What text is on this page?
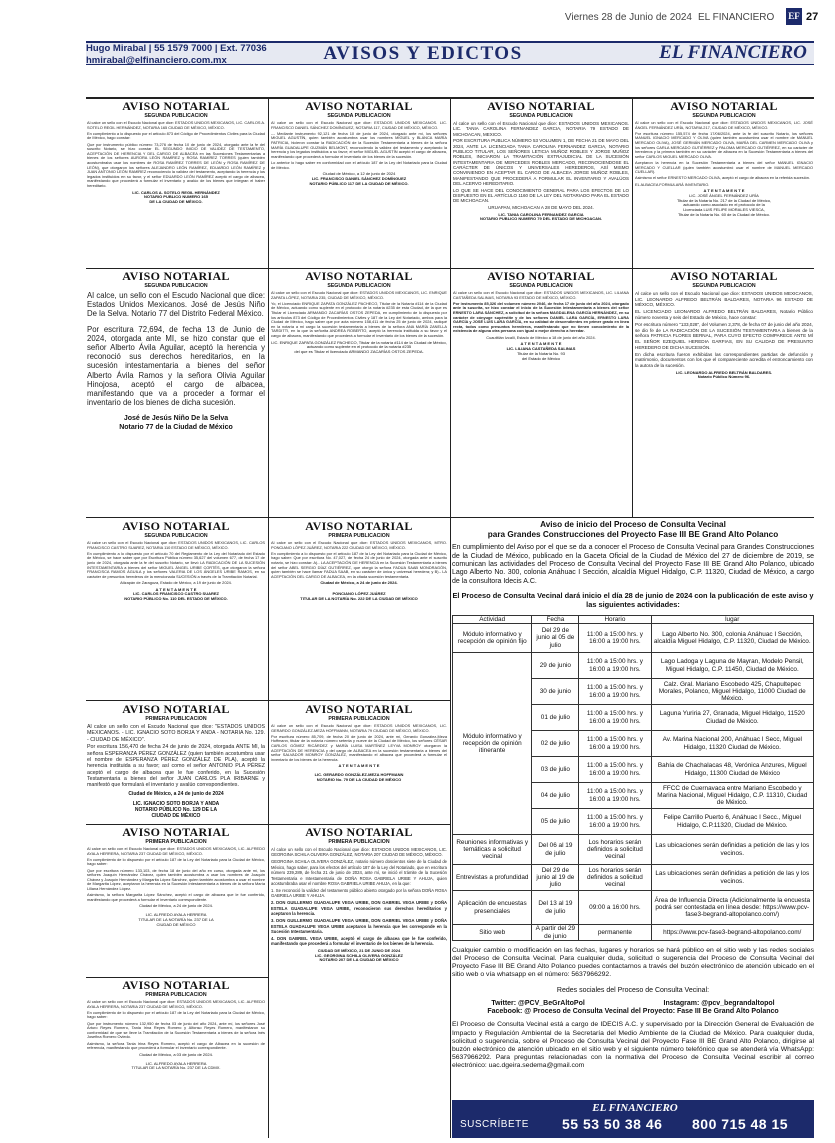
Viernes 28 de Junio de 2024 EL FINANCIERO	EF 27
Hugo Mirabal | 55 1579 7000 | Ext. 77036
hmirabal@elfinanciero.com.mx	AVISOS Y EDICTOS	EL FINANCIERO
AVISO NOTARIAL
SEGUNDA PUBLICACION

Al calce un sello con el Escudo Nacional que dice: ESTADOS UNIDOS MEXICANOS, LIC. CARLOS A. SOTELO REGIL HERNÁNDEZ, NOTARIA 165 CIUDAD DE MÉXICO, MÉXICO.

En cumplimiento a lo dispuesto por el artículo 873 del Código de Procedimientos Civiles para la Ciudad de México, hago constar:

Que por instrumento público número 73,276 de fecha 10 de junio de 2024, otorgado ante la fe del suscrito Notario, se hizo constar EL SEGUNDO INICIO DE VALIDEZ DE TESTAMENTO, ACEPTACIÓN DE HERENCIA Y DEL CARGO DE ALBACEA en las Sucesiones Testamentarias a bienes de los señores AURORA LEÓN RAMÍREZ y ROSA RAMÍREZ TORRES (quien también acostumbraba usar los nombres de ROSA RAMÍREZ TORRES DE LEÓN y ROSA RAMÍREZ DE LEÓN), que otorgaron los señores ALEJANDRO LEÓN RAMÍREZ, EDUARDO LEÓN RAMÍREZ y JUAN ANTONIO LEÓN RAMÍREZ reconociendo la validez del testamento, aceptando la herencia y los legados instituidos en su favor, y el señor EDUARDO LEÓN RAMÍREZ aceptó el cargo de albacea, manifestando que procederá a formular el inventario y avalúo de los bienes que integran el haber hereditario.

LIC. CARLOS A. SOTELO REGIL HERNÁNDEZ
NOTARIO PUBLICO NUMERO 165
DE LA CIUDAD DE MÉXICO.
AVISO NOTARIAL
SEGUNDA PUBLICACION

Al calce un sello con el Escudo Nacional que dice: ESTADOS UNIDOS MEXICANOS. LIC. FRANCISCO DANIEL SÁNCHEZ DOMÍNGUEZ, NOTARIA 117, CIUDAD DE MÉXICO, MÉXICO.

--- Mediante instrumento 92,121 de fecha 10 de junio de 2024, otorgado ante mí, los señores MIGUEL AGUSTÍN, quien también acostumbra usar los nombres MIGUEL y BLANCA MARÍA PATRICIA, hicieron constar la RADICACIÓN de la Sucesión Testamentaria a bienes de la señora MARÍA GUADALUPE GUZMÁN BELMONT, reconociendo la validez del testamento y aceptando la herencia y los legados instituidos a su favor; el señor MIGUEL AGUSTÍN aceptó el cargo de albacea, manifestando que procederá a formular el inventario de los bienes de la sucesión.

Lo anterior lo hago saber en conformidad con el artículo 187 de la Ley del Notariado para la Ciudad de México.

Ciudad de México, a 12 de junio de 2024
LIC. FRANCISCO DANIEL SÁNCHEZ DOMÍNGUEZ
NOTARIO PÚBLICO 117 DE LA CIUDAD DE MÉXICO.
AVISO NOTARIAL
SEGUNDA PUBLICACION

Al calce un sello con el Escudo Nacional que dice: ESTADOS UNIDOS MEXICANOS. LIC. TANIA CAROLINA FERNANDEZ GARCIA, NOTARIA 79 ESTADO DE MICHOACAN, MEXICO.

POR ESCRITURA PUBLICA NÚMERO 53 VOLUMEN 1, DE FECHA 21 DE MAYO DEL 2024, ANTE LA LICENCIADA TANIA CAROLINA FERNANDEZ GARCIA, NOTARIO PUBLICO TITULAR, LOS SEÑORES LETICIA MUÑOZ ROBLES Y JORGE MUÑOZ ROBLES, INICIARON LA TRAMITACIÓN EXTRAJUDICIAL DE LA SUCESIÓN INTESTAMENTARIA DE MERCEDES ROBLES MERCADO, RECONOCIENDOSE EL CARÁCTER DE ÚNICOS Y UNIVERSALES HEREDEROS, ASÍ MISMO CONVINIENDO EN ACEPTAR EL CARGO DE ALBACEA JORGE MUÑOZ ROBLES, MANIFESTANDO QUE PROCEDERÁ A FORMULAR EL INVENTARIO Y AVALÚOS DEL ACERVO HEREDITARIO.

LO QUE SE HACE DEL CONOCIMIENTO GENERAL PARA LOS EFECTOS DE LO DISPUESTO EN EL ARTÍCULO 1160 DE LA LEY DEL NOTARIADO PARA EL ESTADO DE MICHOACAN.

URUAPAN, MICHOACAN A 28 DE MAYO DEL 2024.

LIC. TANIA CAROLINA FERNANDEZ GARCIA
NOTARIO PUBLICO NUMERO 79 DEL ESTADO DE MICHOACAN.
AVISO NOTARIAL
SEGUNDA PUBLICACION

Al calce un sello con el Escudo Nacional que dice: ESTADOS UNIDOS MEXICANOS, LIC. JOSÉ ÁNGEL FERNÁNDEZ URÍA, NOTARIA 217, CIUDAD DE MÉXICO, MÉXICO.

Por escritura número 155,574 de fecha 17/06/2024, ante la fe del suscrito Notario, los señores MANUEL IGNACIO MERCADO Y OLIVA (quien también acostumbra usar el nombre de MANUEL MERCADO OLIVA), JOSÉ GERMÁN MERCADO OLIVA, MARÍA DEL CARMEN MERCADO OLIVA y los señores CARLA MERCADO GUTIÉRREZ y PALOMA MERCADO GUTIÉRREZ, en su carácter de herederos y la primera también en su carácter de albacea en la Sucesión Testamentaria a bienes del señor CARLOS MIGUEL MERCADO OLIVA.

Aceptaron la herencia en la Sucesión Testamentaria a bienes del señor MANUEL IGNACIO MERCADO Y CUELLAR (quien también acostumbró usar el nombre de MANUEL MERCADO CUELLAR).

Asimismo el señor ERNESTO MERCADO OLIVA, aceptó el cargo de albacea en la referida sucesión.

EL ALBACEA FORMULARÁ INVENTARIO.

A T E N T A M E N T E
LIC. JOSÉ ÁNGEL FERNÁNDEZ URÍA
Titular de la Notaría No. 217 de la Ciudad de México,
actuando como asociado en el protocolo de la
Licenciada LUIS FELIPE MORALES VIESCA,
Titular de la Notaría No. 60 de la Ciudad de México.
AVISO NOTARIAL
SEGUNDA PUBLICACION

Al calce, un sello con el Escudo Nacional que dice: Estados Unidos Mexicanos. José de Jesús Niño De la Selva. Notario 77 del Distrito Federal México.

Por escritura 72,694, de fecha 13 de Junio de 2024, otorgada ante MI, se hizo constar que el señor Alberto Ávila Aguilar, aceptó la herencia y reconoció sus derechos hereditarios, en la sucesión intestamentaria a bienes del señor Alberto Ávila Ramos y la señora Olivia Aguilar Hinojosa, aceptó el cargo de albacea, manifestando que va a proceder a formar el inventario de los bienes de dicha sucesión.

José de Jesús Niño De la Selva
Notario 77 de la Ciudad de México
AVISO NOTARIAL
SEGUNDA PUBLICACION

Al calce un sello con el Escudo Nacional que dice: ESTADOS UNIDOS MEXICANOS, LIC. ENRIQUE ZAPATA LÓPEZ, NOTARIA 235, CIUDAD DE MÉXICO, MÉXICO.

Yo, el Licenciado ENRIQUE ZAPATA GONZÁLEZ PACHECO, Titular de la Notaría #114 de la Ciudad de México, actuando como suplente en el protocolo de la notaría #235 de esta Ciudad, de la que es Titular el Licenciado ARMANDO ZACARÍAS OSTOS ZEPEDA, en cumplimiento de lo dispuesto por los artículos 873 del Código de Procedimientos Civiles y 187 de la Ley del Notariado, ambos para la Ciudad de México, hago saber que por acta número 158,411 de fecha 25 de junio de 2024, radiqué en la notaría a mi cargo la sucesión testamentaria a bienes de la señora ANA MARÍA ZANELLA TARDITTI, en la que la señorita ANDREA ROBERTO, aceptó la herencia instituida a su favor y el cargo de albacea, manifestando que procederá a formular el inventario de los bienes de la sucesión.

LIC. ENRIQUE ZAPATA GONZÁLEZ PACHECO, Titular de la notaría #114 de la Ciudad de México, actuando como suplente en el protocolo de la notaría #235
del que es Titular el licenciado ARMANDO ZACARÍAS OSTOS ZEPEDA.
AVISO NOTARIAL
SEGUNDA PUBLICACION

Al calce un sello con el Escudo Nacional que dice: ESTADOS UNIDOS MEXICANOS, LIC. LILIANA CASTAÑEDA SALINAS, NOTARIA 93 ESTADO DE MÉXICO, MÉXICO.

Por instrumento 85,326 del volumen número 2046, de fecha 17 de junio del año 2024, otorgado ante la suscrita, se hizo constar el inicio de la Sucesión Intestamentaria a bienes del señor ERNESTO LARA SÁNCHEZ, a solicitud de la señora MAGDALENA GARCÍA HERNÁNDEZ, en su carácter de cónyuge supérstite y de los señores DANIEL LARA GARCÍA, ERNESTO LARA GARCÍA y JOSÉ LUIS LARA GARCÍA, en su calidad de descendientes en primer grado en línea recta, todos como presuntos herederos, manifestando que no tienen conocimiento de la existencia de alguna otra persona con igual o mejor derecho a heredar.

Cuautitlán Izcalli, Estado de México a 18 de junio del año 2024.

A T E N T A M E N T E
LIC. LILIANA CASTAÑEDA SALINAS
Titular de la Notaría No. 93
del Estado de México
AVISO NOTARIAL
SEGUNDA PUBLICACION

Al calce un sello con el Escudo Nacional que dice: ESTADOS UNIDOS MEXICANOS, LIC. LEONARDO ALFREDO BELTRÁN BALDARES, NOTARIA 96 ESTADO DE MÉXICO, MÉXICO.

EL LICENCIADO LEONARDO ALFREDO BELTRÁN BALDARES, Notario Público número noventa y seis del Estado de México, hace constar:

Por escritura número "133,028", del Volumen 2,378, de fecha 07 de junio del año 2024, se dio fe de LA RADICACIÓN DE LA SUCESIÓN TESTAMENTARIA a bienes de la señora PATRICIA FLORES BERNAL, PARA CUYO EFECTO COMPARECE ANTE MÍ EL SEÑOR EZEQUIEL HEREDIA GARFIAS, EN SU CALIDAD DE PRESUNTO HEREDERO DE DICHA SUCESIÓN.

En dicha escritura fueron exhibidas las correspondientes partidas de defunción y matrimonio, documentos con los que el compareciente acredita el entroncamiento con la autora de la sucesión.

LIC. LEONARDO ALFREDO BELTRÁN BALDARES.
Notario Público Número 96.
AVISO NOTARIAL
SEGUNDA PUBLICACION

Al calce un sello con el Escudo Nacional que dice: ESTADOS UNIDOS MEXICANOS, LIC. CARLOS FRANCISCO CASTRO SUAREZ, NOTARIA 110 ESTADO DE MÉXICO, MÉXICO.

En cumplimiento a lo dispuesto por el artículo 70 del Reglamento de la Ley del Notariado del Estado de México, se hace saber que por Escritura Pública número 35,627 del volumen 677, de fecha 17 de junio de 2024, otorgada ante la fe del suscrito Notario, se llevó LA RADICACIÓN DE LA SUCESIÓN INTESTAMENTARIA a bienes del señor MIGUEL ÁNGEL URIBE CORTÉS, que otorgaron la señora FRANCISCA RAMOS ÁGUILA y los señores VALERIA DE LOS ÁNGELES URIBE RAMOS, en su carácter de presuntos herederos de la mencionada SUCESIÓN a través de la Tramitación Notarial.

Atizapán de Zaragoza, Estado de México, a 19 de junio de 2024.

A T E N T A M E N T E
LIC. CARLOS FRANCISCO CASTRO SUAREZ
NOTARIO PÚBLICO No. 110 DEL ESTADO DE MÉXICO.
AVISO NOTARIAL
PRIMERA PUBLICACION

Al calce un sello con el Escudo Nacional que dice: ESTADOS UNIDOS MEXICANOS, MTRO. PONCIANO LÓPEZ JUÁREZ, NOTARIA 222 CIUDAD DE MÉXICO, MÉXICO.

En cumplimiento a lo dispuesto por el artículo 187 de la Ley del Notariado para la Ciudad de México, hago saber: Que por escritura No. 47,027, de fecha 24 de junio de 2024, otorgada ante el suscrito notario, se hizo constar: A).- LA ACEPTACIÓN DE HERENCIA en la Sucesión Testamentaria a bienes del señor ABEL SERGIO DÍAZ GUTIÉRREZ, que otorgó la señora FADUA SAAB MONDRAGÓN, quien también se hace llamar FADUA SAAB, en su carácter de única y universal heredera; y B).- LA ACEPTACIÓN DEL CARGO DE ALBACEA, en la citada sucesión testamentaria.

Ciudad de México, a 24 de junio de 2024.
PONCIANO LÓPEZ JUÁREZ
TITULAR DE LA NOTARÍA No. 222 DE LA CIUDAD DE MÉXICO
AVISO NOTARIAL
PRIMERA PUBLICACION

Al calce un sello con el Escudo Nacional que dice: "ESTADOS UNIDOS MEXICANOS. - LIC. IGNACIO SOTO BORJA Y ANDA - NOTARIA No. 129. - CIUDAD DE MÉXICO".

Por escritura 156,470 de fecha 24 de junio de 2024, otorgada ANTE MI, la señora ESPERANZA PÉREZ GONZÁLEZ (quien también acostumbra usar el nombre de ESPERANZA PÉREZ GONZÁLEZ DE PLA), aceptó la herencia instituida a su favor; así como el señor ANTONIO PLA PÉREZ aceptó el cargo de albacea que le fue conferido, en la Sucesión Testamentaria a bienes del señor JUAN CARLOS PLA IRIBARNE y manifestó que formulará el inventario y avalúo correspondientes.

Ciudad de México, a 24 de junio de 2024
LIC. IGNACIO SOTO BORJA Y ANDA
NOTARIO PÚBLICO No. 129 DE LA
CIUDAD DE MÉXICO
AVISO NOTARIAL
PRIMERA PUBLICACION

Al calce un sello con el Escudo Nacional que dice: ESTADOS UNIDOS MEXICANOS, LIC. GERARDO GONZÁLEZ-MEZA HOFFMANN, NOTARIA 79 CIUDAD DE MÉXICO, MÉXICO.

Por escritura número 85,709, de fecha 20 de junio de 2024, ante mí, Gerardo González-Meza Hoffmann, titular de la notaría número setenta y nueve de la Ciudad de México, los señores CÉSAR CARLOS GÓMEZ RICÁRDEZ y MARÍA LUISA MARTÍNEZ LEYVA MONROY otorgaron la ACEPTACIÓN DE HERENCIA y del cargo de ALBACEA en la sucesión testamentaria a bienes del señor SALVADOR MONROY GONZÁLEZ, manifestando el albacea que procederá a formular el inventario de los bienes de la herencia.

A T E N T A M E N T E
LIC. GERARDO GONZÁLEZ-MEZA HOFFMANN
NOTARIO No. 79 DE LA CIUDAD DE MÉXICO
AVISO NOTARIAL
PRIMERA PUBLICACION

Al calce un sello con el Escudo Nacional que dice: ESTADOS UNIDOS MEXICANOS, LIC. ALFREDO AYALA HERRERA, NOTARIA 237 CIUDAD DE MÉXICO, MÉXICO.

En cumplimiento de lo dispuesto por el artículo 187 de la Ley del Notariado para la Ciudad de México, hago saber:

Que por escritura número 133,103, de fecha 18 de junio del año en curso, otorgada ante mí, los señores Joaquín Hernández Chávez, quien también acostumbra a usar los nombres de Joaquín Chávez y Joaquín Hernández y Margarita López Sánchez, quien también acostumbra a usar el nombre de Margarita López, aceptaron la herencia en la Sucesión Intestamentaria a bienes de la señora María Liliana Hernández López.

Asimismo, la señora Margarita López Sánchez, aceptó el cargo de albacea que le fue conferido, manifestando que procederá a formular el inventario correspondiente.

Ciudad de México, a 24 de junio de 2024.
LIC. ALFREDO AYALA HERRERA
TITULAR DE LA NOTARÍA No. 237 DE LA
CIUDAD DE MÉXICO
AVISO NOTARIAL
PRIMERA PUBLICACION

Al calce un sello con el Escudo Nacional que dice: ESTADOS UNIDOS MEXICANOS, LIC. GEORGINA SCHILA OLIVERA GONZÁLEZ, NOTARIA 207 CIUDAD DE MÉXICO, MÉXICO.

GEORGINA SCHILA OLIVERA GONZÁLEZ, notario número doscientos siete de la Ciudad de México, hago saber, para los efectos del artículo 187 de la Ley del Notariado, que en escritura número 239,289, de fecha 21 de junio de 2024, ante mí, se inició el trámite de la Sucesión Testamentaria e Intestamentaria de DOÑA ROSA GABRIELA URIBE Y AHUJA, quien acostumbraba usar el nombre ROSA GABRIELA URIBE AHUJA, en la que:

1. Se reconoció la validez del testamento público abierto otorgado por la señora DOÑA ROSA GABRIELA URIBE Y AHUJA.

2. DON GUILLERMO GUADALUPE VEGA URIBE, DON GABRIEL VEGA URIBE y DOÑA ESTELA GUADALUPE VEGA URIBE, reconocieron sus derechos hereditarios y aceptaron la herencia.

3. DON GUILLERMO GUADALUPE VEGA URIBE, DON GABRIEL VEGA URIBE y DOÑA ESTELA GUADALUPE VEGA URIBE aceptaron la herencia que les corresponde en la Sucesión Intestamentaria.

4. DON GABRIEL VEGA URIBE, aceptó el cargo de albacea que le fue conferido, manifestando que procederá a formular el inventario de los bienes de la herencia.

CIUDAD DE MÉXICO, 21 DE JUNIO DE 2024
LIC. GEORGINA SCHILA OLIVERA GONZÁLEZ
NOTARIO 207 DE LA CIUDAD DE MÉXICO
AVISO NOTARIAL
PRIMERA PUBLICACION

Al calce un sello con el Escudo Nacional que dice: ESTADOS UNIDOS MEXICANOS, LIC. ALFREDO AYALA HERRERA, NOTARIA 237 CIUDAD DE MÉXICO, MÉXICO.

En cumplimiento de lo dispuesto por el artículo 187 de la Ley del Notariado para la Ciudad de México, hago saber:

Que por instrumento número 132,950 de fecha 03 de junio del año 2024, ante mí, los señores José Arturo Reyes Romero, Tania Irina Reyes Romero y Alfonso Reyes Romero, manifestaron su conformidad de que se lleve la Tramitación de la Sucesión Testamentaria a bienes de la señora Inés Josefina Romero Oviedo.

Asimismo, la señora Tania Irina Reyes Romero, aceptó el cargo de Albacea en la sucesión de referencia, manifestando que procederá a formular el inventario correspondiente.

Ciudad de México, a 03 de junio de 2024.
LIC. ALFREDO AYALA HERRERA
TITULAR DE LA NOTARÍA No. 237 DE LA CDMX.
Aviso de inicio del Proceso de Consulta Vecinal
para Grandes Construcciones del Proyecto Fase III BE Grand Alto Polanco
En cumplimiento del Aviso por el que se da a conocer el Proceso de Consulta Vecinal para Grandes Construcciones de la Ciudad de México, publicado en la Gaceta Oficial de la Ciudad de México del 27 de diciembre de 2019, se comunican las actividades del Proceso de Consulta Vecinal del Proyecto Fase III BE Grand Alto Polanco, ubicado Lago Alberto No. 300, colonia Anáhuac I Sección, alcaldía Miguel Hidalgo, C.P. 11320, Ciudad de México, a cargo de la consultora Idecis A.C.
El Proceso de Consulta Vecinal dará inicio el día 28 de junio de 2024 con la publicación de este aviso y las siguientes actividades:
Actividad	Fecha	Horario	lugar
Módulo informativo y recepción de opinión fijo	Del 29 de junio al 05 de julio	11:00 a 15:00 hrs. y 16:00 a 19:00 hrs.	Lago Alberto No. 300, colonia Anáhuac I Sección, alcaldía Miguel Hidalgo, C.P. 11320, Ciudad de México.
Módulo informativo y recepción de opinión itinerante	29 de junio	11:00 a 15:00 hrs. y 16:00 a 19:00 hrs.	Lago Ladoga y Laguna de Mayran, Modelo Pensil, Miguel Hidalgo, C.P. 11450, Ciudad de México.
	30 de junio	11:00 a 15:00 hrs. y 16:00 a 19:00 hrs.	Calz. Gral. Mariano Escobedo 425, Chapultepec Morales, Polanco, Miguel Hidalgo, 11000 Ciudad de México.
	01 de julio	11:00 a 15:00 hrs. y 16:00 a 19:00 hrs.	Laguna Yuriria 27, Granada, Miguel Hidalgo, 11520 Ciudad de México.
	02 de julio	11:00 a 15:00 hrs. y 16:00 a 19:00 hrs.	Av. Marina Nacional 200, Anáhuac I Secc, Miguel Hidalgo, 11320 Ciudad de México.
	03 de julio	11:00 a 15:00 hrs. y 16:00 a 19:00 hrs.	Bahía de Chachalacas 48, Verónica Anzures, Miguel Hidalgo, 11300 Ciudad de México
	04 de julio	11:00 a 15:00 hrs. y 16:00 a 19:00 hrs.	FFCC de Cuernavaca entre Mariano Escobedo y Marina Nacional, Miguel Hidalgo, C.P. 11310, Ciudad de México.
	05 de julio	11:00 a 15:00 hrs. y 16:00 a 19:00 hrs.	Felipe Carrillo Puerto 6, Anáhuac I Secc., Miguel Hidalgo, C.P.11320, Ciudad de México.
Reuniones informativas y temáticas a solicitud vecinal	Del 06 al 19 de julio	Los horarios serán definidos a solicitud vecinal	Las ubicaciones serán definidas a petición de las y los vecinos.
Entrevistas a profundidad	Del 29 de junio al 19 de julio	Los horarios serán definidos a solicitud vecinal	Las ubicaciones serán definidas a petición de las y los vecinos.
Aplicación de encuestas presenciales	Del 13 al 19 de julio	09:00 a 16:00 hrs.	Área de Influencia Directa (Adicionalmente la encuesta podrá ser contestada en línea desde: https://www.pcv-fase3-begrand-altopolanco.com/)
Sitio web	A partir del 29 de junio	permanente	https://www.pcv-fase3-begrand-altopolanco.com/
Cualquier cambio o modificación en las fechas, lugares y horarios se hará público en el sitio web y las redes sociales del Proceso de Consulta Vecinal. Para cualquier duda, solicitud o sugerencia del Proceso de Consulta Vecinal del Proyecto Fase III BE Grand Alto Polanco puedes contactarnos a través del buzón electrónico de atención ubicado en el sitio web o vía whatsapp en el número: 5637966292.
Redes sociales del Proceso de Consulta Vecinal:
Twitter: @PCV_BeGrAltoPol	Instagram: @pcv_begrandaltopol
Facebook: @ Proceso de Consulta Vecinal del Proyecto: Fase III Be Grand Alto Polanco
El Proceso de Consulta Vecinal está a cargo de IDECIS A.C. y supervisado por la Dirección General de Evaluación de Impacto y Regulación Ambiental de la Secretaría del Medio Ambiente de la Ciudad de México. Para cualquier duda, solicitud o sugerencia, sobre el Proceso de Consulta Vecinal del Proyecto Fase III BE Grand Alto Polanco, dirigirse al buzón electrónico de atención ubicado en el sitio web y el siguiente número telefónico que se atenderá vía WhatsApp: 5637966292. Para preguntas relacionadas con la normativa del Proceso de Consulta Vecinal escribir al correo electrónico: uac.dgeira.sedema@gmail.com
EL FINANCIERO
SUSCRÍBETE 55 53 50 38 46 800 715 48 15
